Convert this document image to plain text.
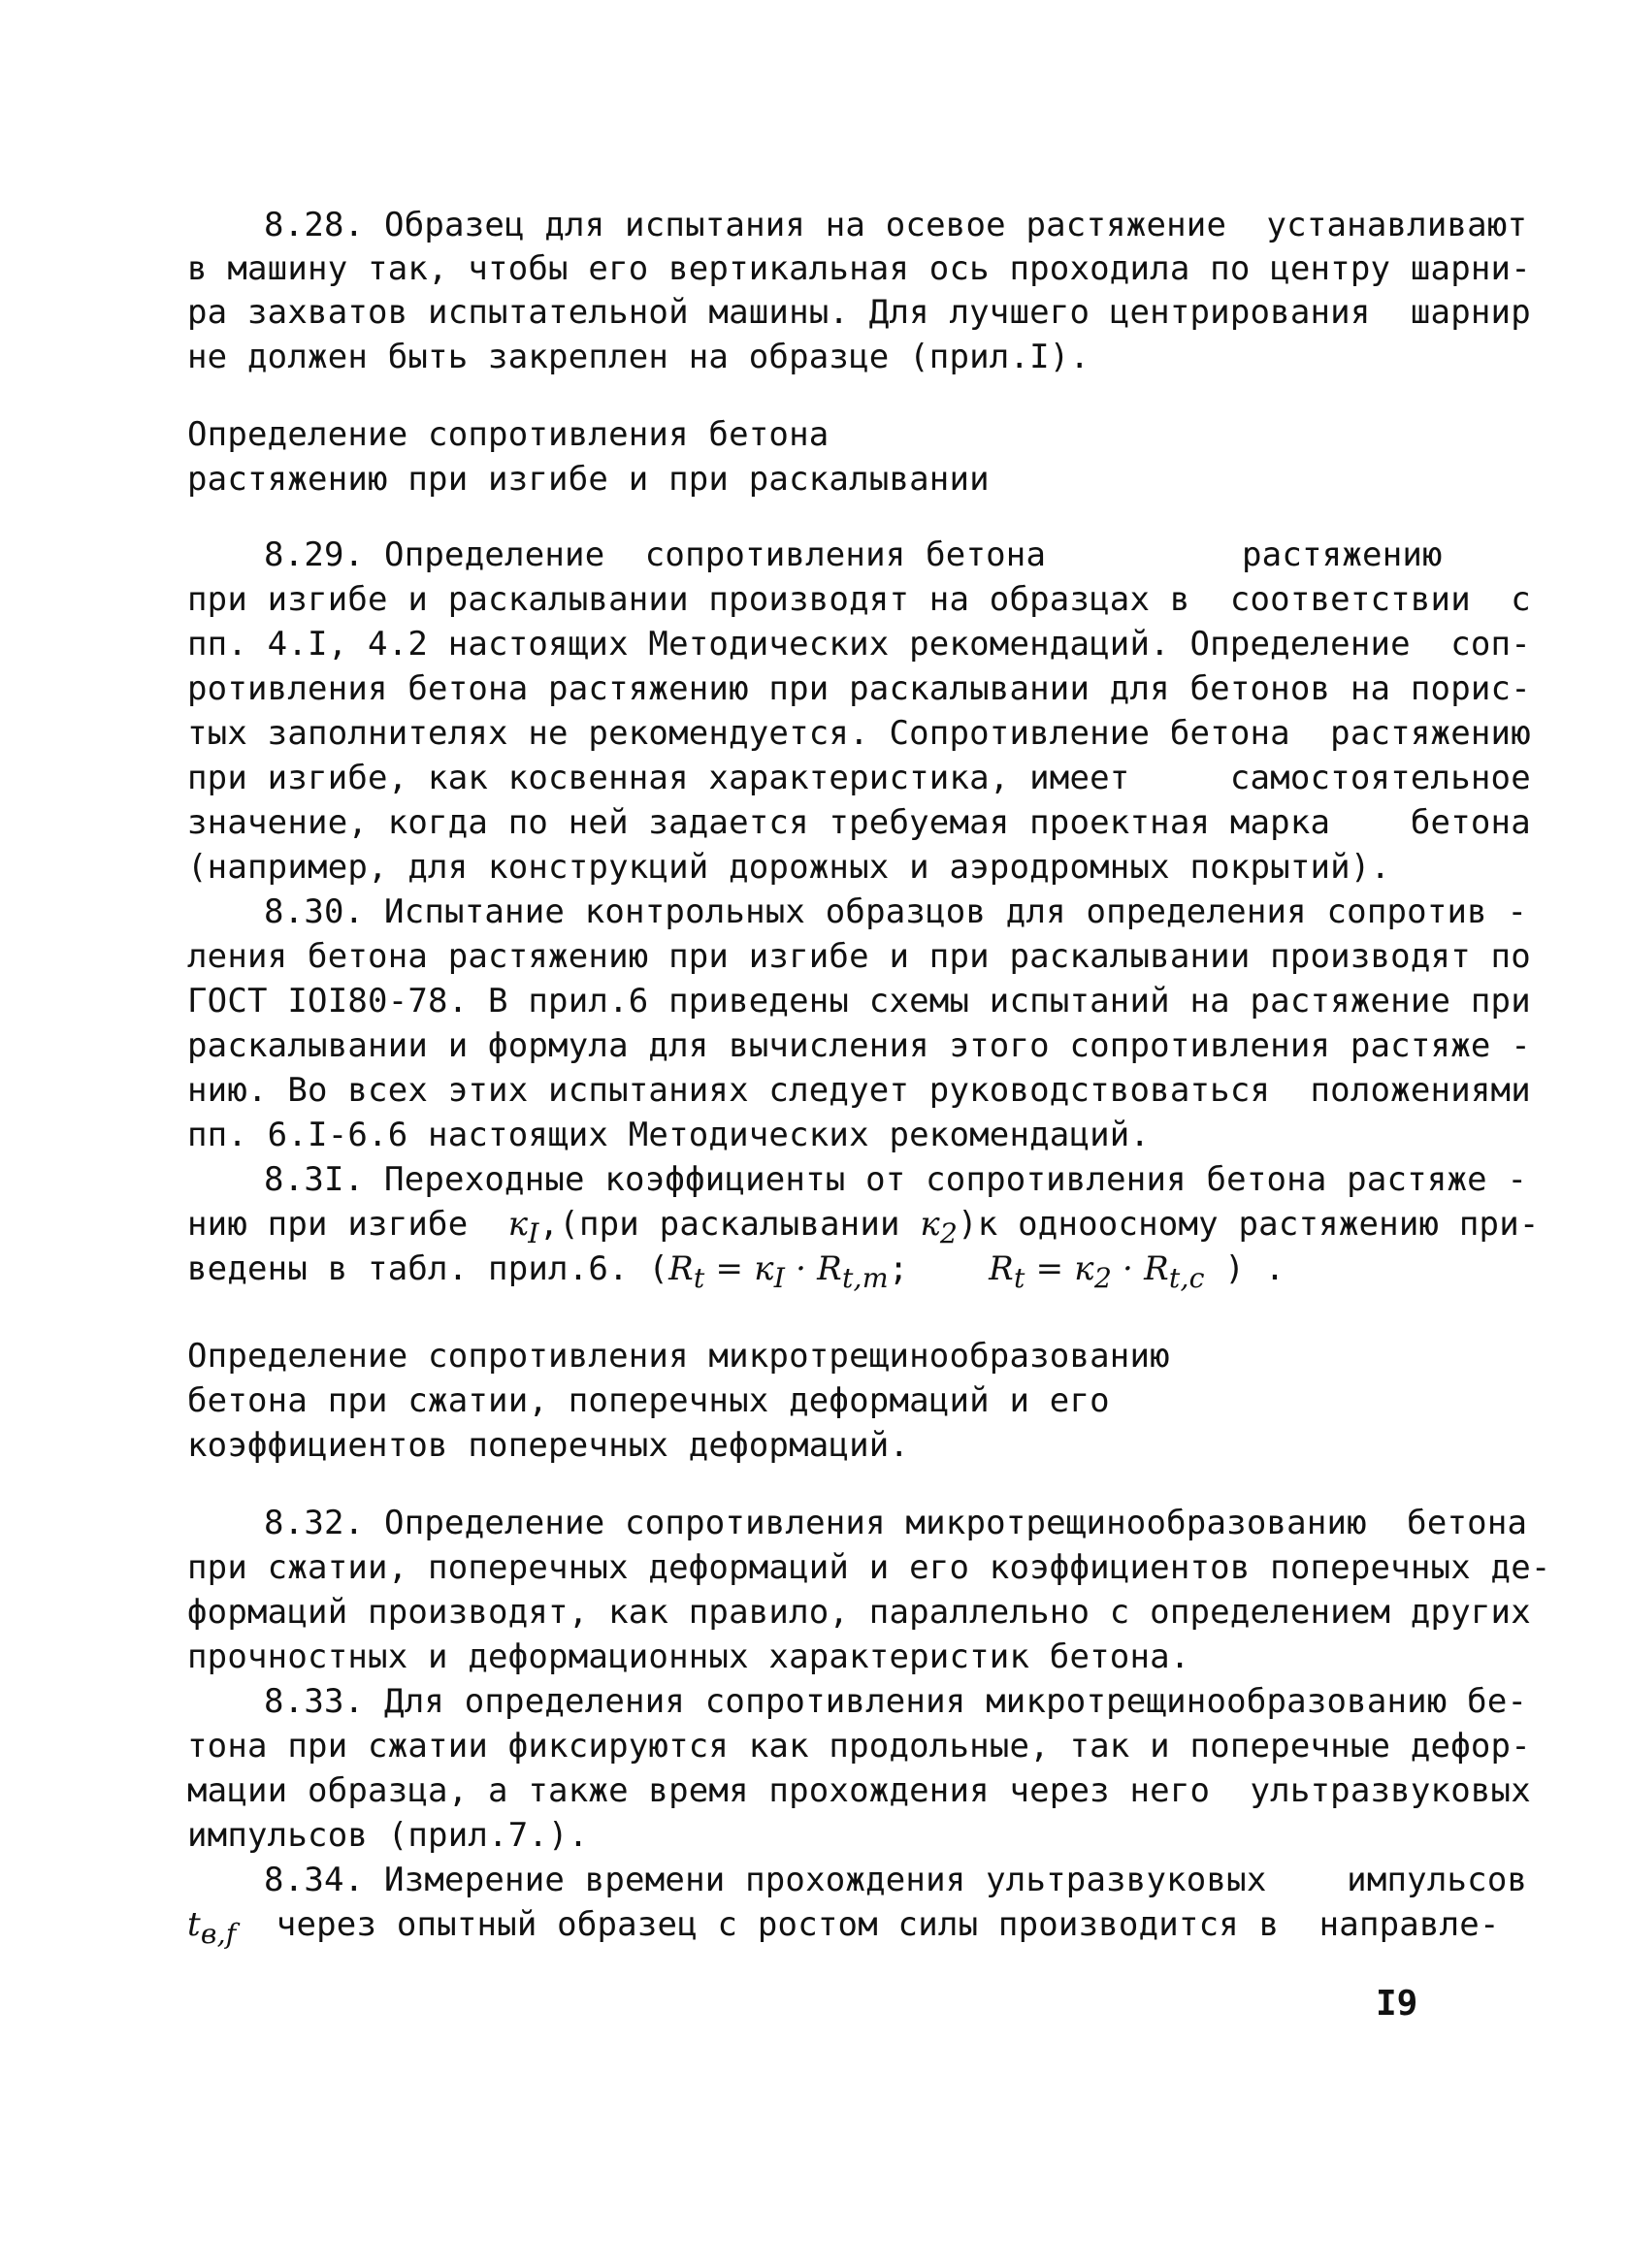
8.28. Образец для испытания на осевое растяжение  устанавливают
в машину так, чтобы его вертикальная ось проходила по центру шарни-
ра захватов испытательной машины. Для лучшего центрирования  шарнир
не должен быть закреплен на образце (прил.I).
Определение сопротивления бетона
растяжению при изгибе и при раскалывании
8.29. Определение  сопротивления бетона	растяжению
при изгибе и раскалывании производят на образцах в  соответствии  с
пп. 4.I, 4.2 настоящих Методических рекомендаций. Определение  соп-
ротивления бетона растяжению при раскалывании для бетонов на порис-
тых заполнителях не рекомендуется. Сопротивление бетона  растяжению
при изгибе, как косвенная характеристика, имеет     самостоятельное
значение, когда по ней задается требуемая проектная марка    бетона
(например, для конструкций дорожных и аэродромных покрытий).
8.30. Испытание контрольных образцов для определения сопротив -
ления бетона растяжению при изгибе и при раскалывании производят по
ГОСТ IOI80-78. В прил.6 приведены схемы испытаний на растяжение при
раскалывании и формула для вычисления этого сопротивления растяже -
нию. Во всех этих испытаниях следует руководствоваться  положениями
пп. 6.I-6.6 настоящих Методических рекомендаций.
8.3I. Переходные коэффициенты от сопротивления бетона растяже -
нию при изгибе  $к_I,(при$ раскалывании $к_2)к$ одноосному растяжению при-
ведены в табл. прил.6. ($R_t = к_I \cdot R_{t,m}$;    $R_t = к_2 \cdot R_{t,c}$ ) .
Определение сопротивления микротрещинообразованию
бетона при сжатии, поперечных деформаций и его
коэффициентов поперечных деформаций.
8.32. Определение сопротивления микротрещинообразованию  бетона
при сжатии, поперечных деформаций и его коэффициентов поперечных де-
формаций производят, как правило, параллельно с определением других
прочностных и деформационных характеристик бетона.
8.33. Для определения сопротивления микротрещинообразованию бе-
тона при сжатии фиксируются как продольные, так и поперечные дефор-
мации образца, а также время прохождения через него  ультразвуковых
импульсов (прил.7.).
8.34. Измерение времени прохождения ультразвуковых    импульсов
$t_{в,f}$ через опытный образец с ростом силы производится в  направле-
I9
